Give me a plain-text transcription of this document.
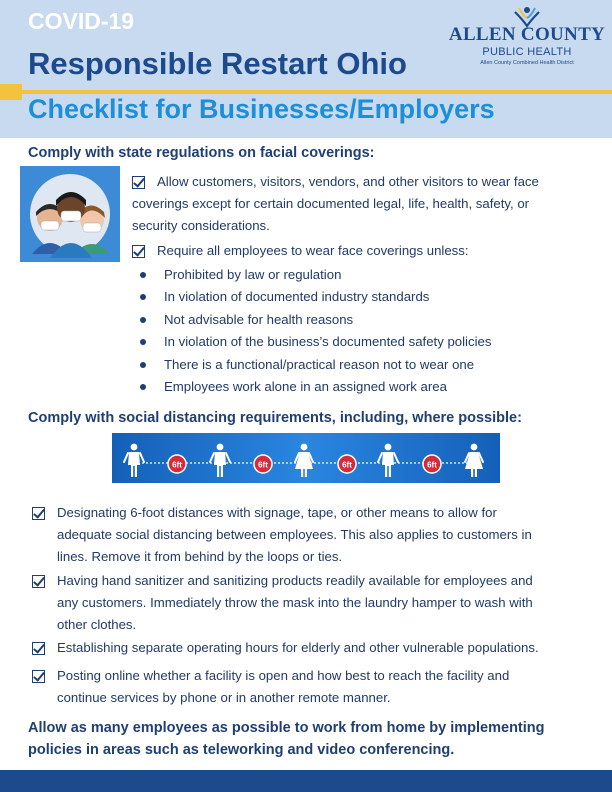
COVID-19
Responsible Restart Ohio
Checklist for Businesses/Employers
ALLEN COUNTY
PUBLIC HEALTH
Allen County Combined Health District
Comply with state regulations on facial coverings:
Allow customers, visitors, vendors, and other visitors to wear face
coverings except for certain documented legal, life, health, safety, or
security considerations.
Require all employees to wear face coverings unless:
Prohibited by law or regulation
In violation of documented industry standards
Not advisable for health reasons
In violation of the business’s documented safety policies
There is a functional/practical reason not to wear one
Employees work alone in an assigned work area
Comply with social distancing requirements, including, where possible:
6ft	6ft	6ft	6ft
Designating 6-foot distances with signage, tape, or other means to allow for
adequate social distancing between employees. This also applies to customers in
lines. Remove it from behind by the loops or ties.
Having hand sanitizer and sanitizing products readily available for employees and
any customers. Immediately throw the mask into the laundry hamper to wash with
other clothes.
Establishing separate operating hours for elderly and other vulnerable populations.
Posting online whether a facility is open and how best to reach the facility and
continue services by phone or in another remote manner.
Allow as many employees as possible to work from home by implementing policies in areas such as teleworking and video conferencing.
